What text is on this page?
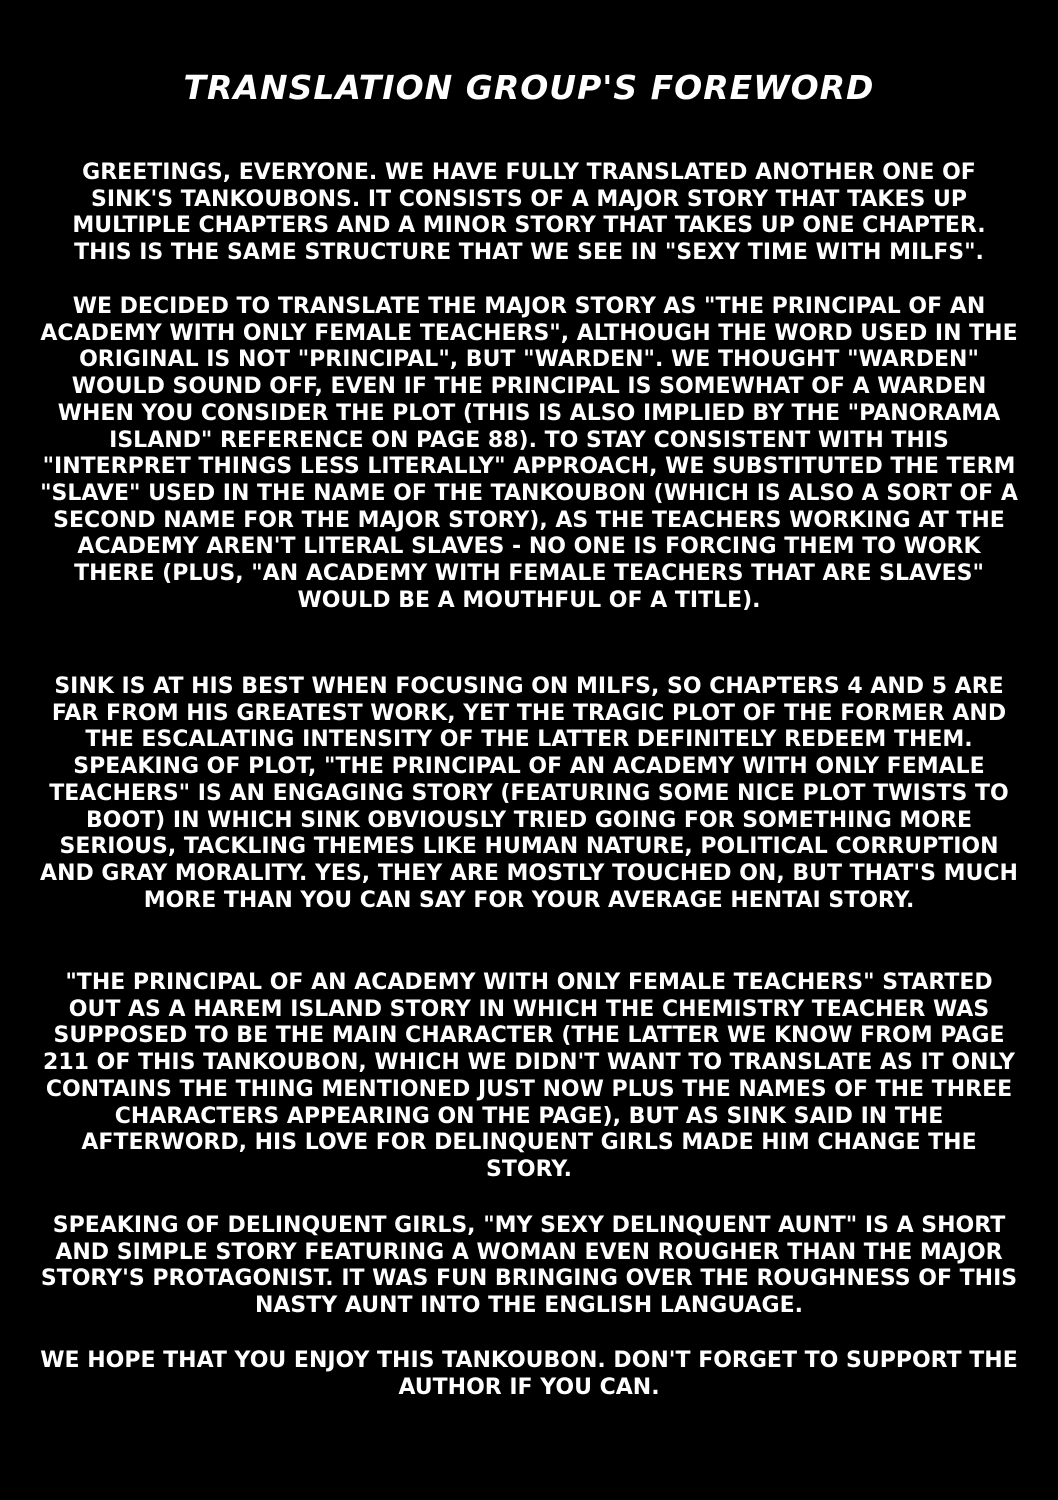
TRANSLATION GROUP'S FOREWORD

GREETINGS, EVERYONE. WE HAVE FULLY TRANSLATED ANOTHER ONE OF SINK'S TANKOUBONS. IT CONSISTS OF A MAJOR STORY THAT TAKES UP MULTIPLE CHAPTERS AND A MINOR STORY THAT TAKES UP ONE CHAPTER. THIS IS THE SAME STRUCTURE THAT WE SEE IN "SEXY TIME WITH MILFS".

WE DECIDED TO TRANSLATE THE MAJOR STORY AS "THE PRINCIPAL OF AN ACADEMY WITH ONLY FEMALE TEACHERS", ALTHOUGH THE WORD USED IN THE ORIGINAL IS NOT "PRINCIPAL", BUT "WARDEN". WE THOUGHT "WARDEN" WOULD SOUND OFF, EVEN IF THE PRINCIPAL IS SOMEWHAT OF A WARDEN WHEN YOU CONSIDER THE PLOT (THIS IS ALSO IMPLIED BY THE "PANORAMA ISLAND" REFERENCE ON PAGE 88). TO STAY CONSISTENT WITH THIS "INTERPRET THINGS LESS LITERALLY" APPROACH, WE SUBSTITUTED THE TERM "SLAVE" USED IN THE NAME OF THE TANKOUBON (WHICH IS ALSO A SORT OF A SECOND NAME FOR THE MAJOR STORY), AS THE TEACHERS WORKING AT THE ACADEMY AREN'T LITERAL SLAVES - NO ONE IS FORCING THEM TO WORK THERE (PLUS, "AN ACADEMY WITH FEMALE TEACHERS THAT ARE SLAVES" WOULD BE A MOUTHFUL OF A TITLE).

SINK IS AT HIS BEST WHEN FOCUSING ON MILFS, SO CHAPTERS 4 AND 5 ARE FAR FROM HIS GREATEST WORK, YET THE TRAGIC PLOT OF THE FORMER AND THE ESCALATING INTENSITY OF THE LATTER DEFINITELY REDEEM THEM. SPEAKING OF PLOT, "THE PRINCIPAL OF AN ACADEMY WITH ONLY FEMALE TEACHERS" IS AN ENGAGING STORY (FEATURING SOME NICE PLOT TWISTS TO BOOT) IN WHICH SINK OBVIOUSLY TRIED GOING FOR SOMETHING MORE SERIOUS, TACKLING THEMES LIKE HUMAN NATURE, POLITICAL CORRUPTION AND GRAY MORALITY. YES, THEY ARE MOSTLY TOUCHED ON, BUT THAT'S MUCH MORE THAN YOU CAN SAY FOR YOUR AVERAGE HENTAI STORY.

"THE PRINCIPAL OF AN ACADEMY WITH ONLY FEMALE TEACHERS" STARTED OUT AS A HAREM ISLAND STORY IN WHICH THE CHEMISTRY TEACHER WAS SUPPOSED TO BE THE MAIN CHARACTER (THE LATTER WE KNOW FROM PAGE 211 OF THIS TANKOUBON, WHICH WE DIDN'T WANT TO TRANSLATE AS IT ONLY CONTAINS THE THING MENTIONED JUST NOW PLUS THE NAMES OF THE THREE CHARACTERS APPEARING ON THE PAGE), BUT AS SINK SAID IN THE AFTERWORD, HIS LOVE FOR DELINQUENT GIRLS MADE HIM CHANGE THE STORY.

SPEAKING OF DELINQUENT GIRLS, "MY SEXY DELINQUENT AUNT" IS A SHORT AND SIMPLE STORY FEATURING A WOMAN EVEN ROUGHER THAN THE MAJOR STORY'S PROTAGONIST. IT WAS FUN BRINGING OVER THE ROUGHNESS OF THIS NASTY AUNT INTO THE ENGLISH LANGUAGE.

WE HOPE THAT YOU ENJOY THIS TANKOUBON. DON'T FORGET TO SUPPORT THE AUTHOR IF YOU CAN.
